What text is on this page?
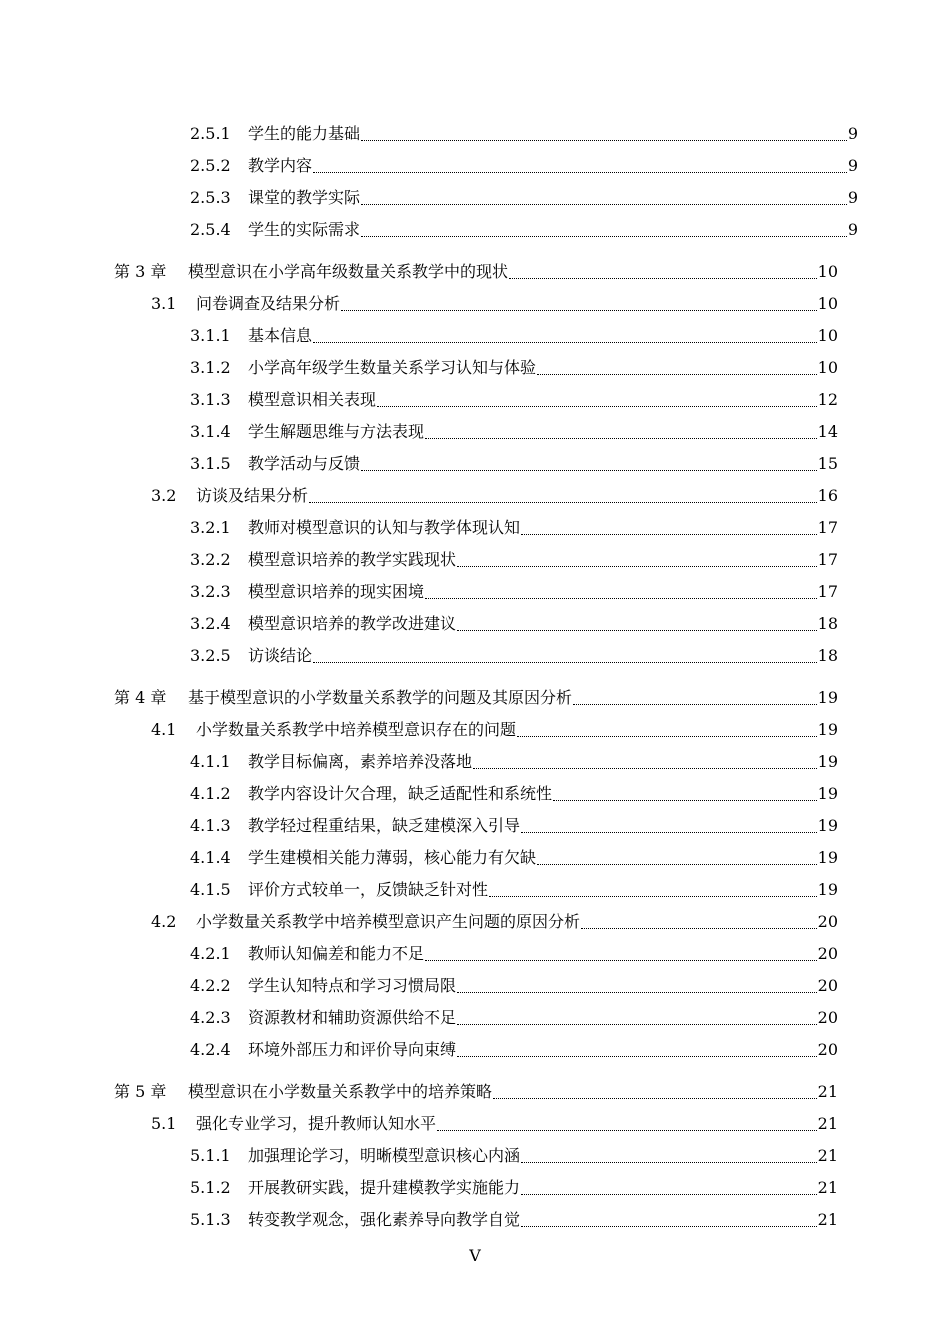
2.5.1	学生的能力基础	9
2.5.2	教学内容	9
2.5.3	课堂的教学实际	9
2.5.4	学生的实际需求	9
第 3 章	模型意识在小学高年级数量关系教学中的现状	10
3.1	问卷调查及结果分析	10
3.1.1	基本信息	10
3.1.2	小学高年级学生数量关系学习认知与体验	10
3.1.3	模型意识相关表现	12
3.1.4	学生解题思维与方法表现	14
3.1.5	教学活动与反馈	15
3.2	访谈及结果分析	16
3.2.1	教师对模型意识的认知与教学体现认知	17
3.2.2	模型意识培养的教学实践现状	17
3.2.3	模型意识培养的现实困境	17
3.2.4	模型意识培养的教学改进建议	18
3.2.5	访谈结论	18
第 4 章	基于模型意识的小学数量关系教学的问题及其原因分析	19
4.1	小学数量关系教学中培养模型意识存在的问题	19
4.1.1	教学目标偏离，素养培养没落地	19
4.1.2	教学内容设计欠合理，缺乏适配性和系统性	19
4.1.3	教学轻过程重结果，缺乏建模深入引导	19
4.1.4	学生建模相关能力薄弱，核心能力有欠缺	19
4.1.5	评价方式较单一，反馈缺乏针对性	19
4.2	小学数量关系教学中培养模型意识产生问题的原因分析	20
4.2.1	教师认知偏差和能力不足	20
4.2.2	学生认知特点和学习习惯局限	20
4.2.3	资源教材和辅助资源供给不足	20
4.2.4	环境外部压力和评价导向束缚	20
第 5 章	模型意识在小学数量关系教学中的培养策略	21
5.1	强化专业学习，提升教师认知水平	21
5.1.1	加强理论学习，明晰模型意识核心内涵	21
5.1.2	开展教研实践，提升建模教学实施能力	21
5.1.3	转变教学观念，强化素养导向教学自觉	21
V
